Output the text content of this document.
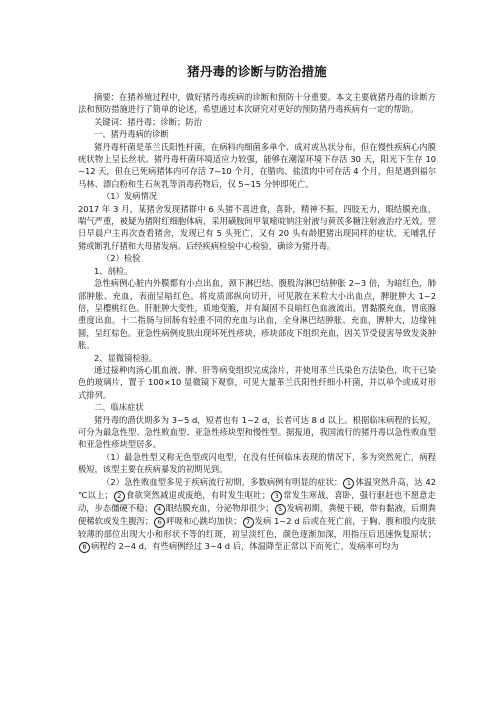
猪丹毒的诊断与防治措施

摘要：在猪养殖过程中，做好猪丹毒疾病的诊断和预防十分重要。本文主要就猪丹毒的诊断方法和预防措施进行了简单的论述，希望通过本次研究对更好的预防猪丹毒疾病有一定的帮助。

关键词：猪丹毒；诊断；防治

一、猪丹毒病的诊断

猪丹毒杆菌是革兰氏阳性杆菌，在病料内细菌多单个、成对或丛状分布，但在慢性疾病心内膜疣状物上呈长丝状。猪丹毒杆菌环境适应力较强，能够在潮湿环境下存活 30 天，阳光下生存 10~12 天，但在已死病猪体内可存活 7~10 个月，在腊肉、盐渍肉中可存活 4 个月，但是遇到福尔马林、漂白粉和生石灰乳等消毒药物后，仅 5~15 分钟即死亡。

（1）发病情况

2017 年 3 月，某猪舍发现猪群中 6 头猪不喜进食，喜卧，精神不振，四肢无力，眼结膜充血，喘气严重，被疑为猪附红细胞体病，采用磺胺间甲氧嘧啶钠注射液与黄芪多糖注射液治疗无效。翌日早晨户主再次查看猪舍，发现已有 5 头死亡，又有 20 头有龄肥猪出现同样的症状，无哺乳仔猪或断乳仔猪和大母猪发病。后经疾病检验中心检验，确诊为猪丹毒。

（2）检验

1、剖检。

急性病例心脏内外膜都有小点出血，颈下淋巴结、腹股沟淋巴结肿胀 2~3 倍，为暗红色，肺部肿胀、充血，表面呈暗红色。将皮质部纵向切开，可见散在米粒大小出血点，脾脏肿大 1~2 倍，呈樱桃红色。肝脏肿大变性，质地变脆，并有凝固不良暗红色血液流出。胃黏膜充血，胃底腺重度出血。十二指肠与回肠有轻重不同的充血与出血，全身淋巴结肿胀、充血，脾肿大，边缘钝圆，呈红棕色。亚急性病例皮肤出现坏死性疹块，疹块部皮下组织充血，因关节受侵害导致发炎肿胀。

2、显微镜检验。

通过接种肉汤心肌血液、脾、肝等病变组织完成涂片，并使用革兰氏染色方法染色，吹干已染色的玻璃片，置于 100×10 显微镜下观察，可见大量革兰氏阳性纤细小杆菌，并以单个或成对形式排列。

二、临床症状

猪丹毒的潜伏期多为 3~5 d，短者也有 1~2 d，长者可达 8 d 以上。根据临床病程的长短，可分为最急性型、急性败血型、亚急性疹块型和慢性型。据报道，我国流行的猪丹毒以急性败血型和亚急性疹块型居多。

（1）最急性型又称无色型或闪电型，在没有任何临床表现的情况下，多为突然死亡，病程极短，该型主要在疾病暴发的初期见到。

（2）急性败血型多见于疾病流行初期，多数病例有明显的症状： 1 体温突然升高，达 42 ℃以上； 2 食欲突然减退或废绝，有时发生呕吐； 3 常发生寒战，喜卧，强行驱赶也不愿意走动，步态僵硬不稳； 4 眼结膜充血，分泌物却很少； 5 发病初期，粪便干硬，带有黏液，后期粪便稀软或发生腹泻； 6 呼吸和心跳均加快； 7 发病 1~2 d 后或在死亡前，于胸、腹和股内皮肤较薄的部位出现大小和形状不等的红斑，初呈淡红色，颜色逐渐加深，用指压后迅速恢复原状；8 病程约 2~4 d，有些病例经过 3~4 d 后，体温降至正常以下而死亡，发病率可均为
